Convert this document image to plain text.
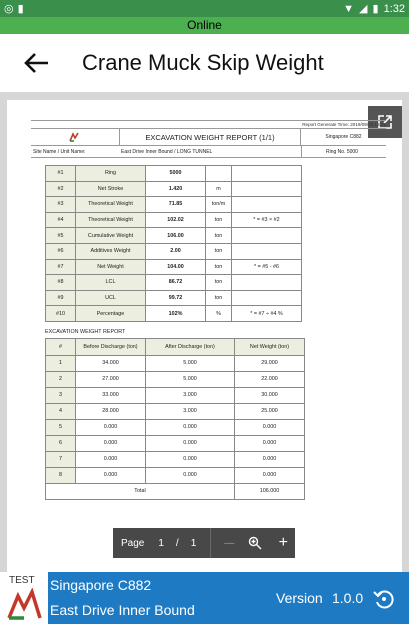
◎ ▮	▼ ◢ ▮ 1:32
Online
Crane Muck Skip Weight
Report Generate Time: 2019/09/23 13:31
EXCAVATION WEIGHT REPORT (1/1)	Singapore C882
Site Name / Unit Name:	East Drive Inner Bound / LONG TUNNEL	Ring No. 5000
#1	Ring	5000		
#2	Net Stroke	1.420	m	
#3	Theoretical Weight	71.85	ton/m	
#4	Theoretical Weight	102.02	ton	* = #3 × #2
#5	Cumulative Weight	106.00	ton	
#6	Additives Weight	2.00	ton	
#7	Net Weight	104.00	ton	* = #5 - #6
#8	LCL	86.72	ton	
#9	UCL	99.72	ton	
#10	Percentage	102%	%	* = #7 ÷ #4 %
EXCAVATION WEIGHT REPORT
#	Before Discharge (ton)	After Discharge (ton)	Net Weight (ton)
1	34.000	5.000	29.000
2	27.000	5.000	22.000
3	33.000	3.000	30.000
4	28.000	3.000	25.000
5	0.000	0.000	0.000
6	0.000	0.000	0.000
7	0.000	0.000	0.000
8	0.000	0.000	0.000
Total			106.000
Page 1 / 1	—	+
TEST Singapore C882
East Drive Inner Bound
Version 1.0.0
